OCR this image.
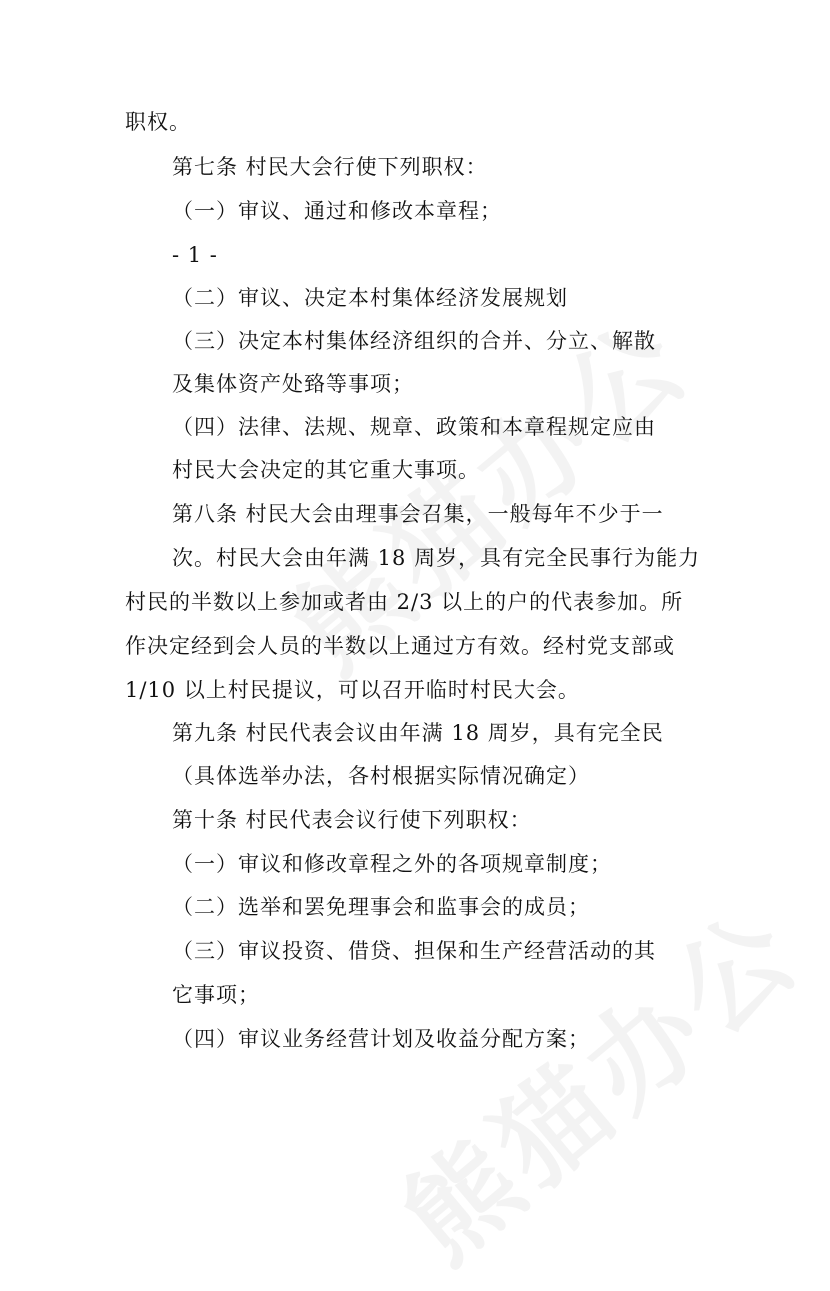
职权。
第七条 村民大会行使下列职权：
（一）审议、通过和修改本章程；
- 1 -
（二）审议、决定本村集体经济发展规划
（三）决定本村集体经济组织的合并、分立、解散
及集体资产处臵等事项；
（四）法律、法规、规章、政策和本章程规定应由
村民大会决定的其它重大事项。
第八条 村民大会由理事会召集，一般每年不少于一
次。村民大会由年满 18 周岁，具有完全民事行为能力
村民的半数以上参加或者由 2/3 以上的户的代表参加。所
作决定经到会人员的半数以上通过方有效。经村党支部或
1/10 以上村民提议，可以召开临时村民大会。
第九条 村民代表会议由年满 18 周岁，具有完全民
（具体选举办法，各村根据实际情况确定）
第十条 村民代表会议行使下列职权：
（一）审议和修改章程之外的各项规章制度；
（二）选举和罢免理事会和监事会的成员；
（三）审议投资、借贷、担保和生产经营活动的其
它事项；
（四）审议业务经营计划及收益分配方案；
